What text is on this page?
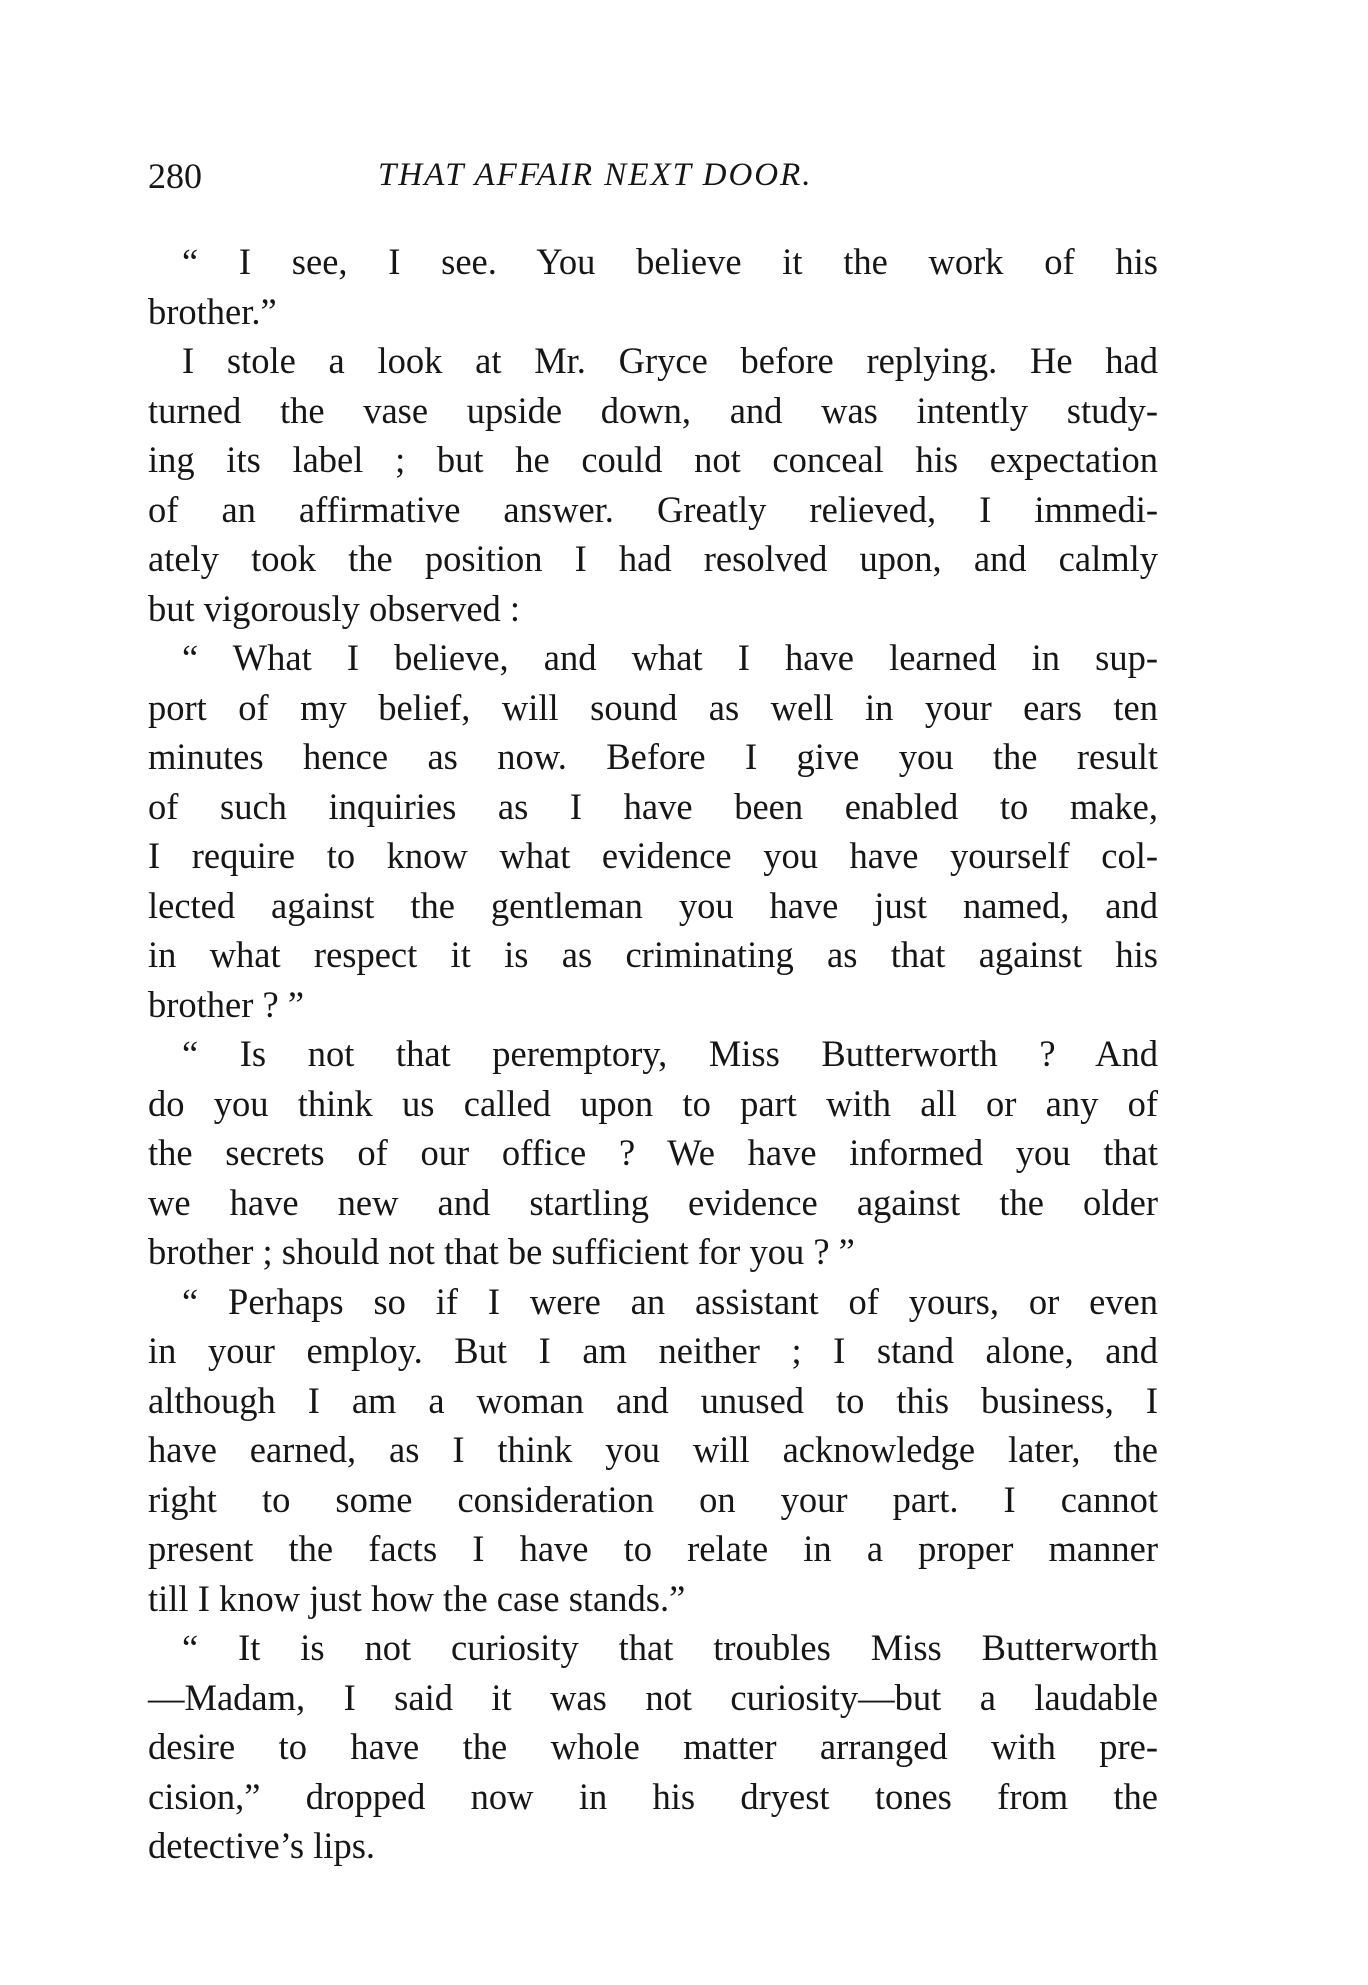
280	THAT AFFAIR NEXT DOOR.
“ I see, I see. You believe it the work of his
brother.”
I stole a look at Mr. Gryce before replying. He had
turned the vase upside down, and was intently study-
ing its label ; but he could not conceal his expectation
of an affirmative answer. Greatly relieved, I immedi-
ately took the position I had resolved upon, and calmly
but vigorously observed :
“ What I believe, and what I have learned in sup-
port of my belief, will sound as well in your ears ten
minutes hence as now. Before I give you the result
of such inquiries as I have been enabled to make,
I require to know what evidence you have yourself col-
lected against the gentleman you have just named, and
in what respect it is as criminating as that against his
brother ? ”
“ Is not that peremptory, Miss Butterworth ? And
do you think us called upon to part with all or any of
the secrets of our office ? We have informed you that
we have new and startling evidence against the older
brother ; should not that be sufficient for you ? ”
“ Perhaps so if I were an assistant of yours, or even
in your employ. But I am neither ; I stand alone, and
although I am a woman and unused to this business, I
have earned, as I think you will acknowledge later, the
right to some consideration on your part. I cannot
present the facts I have to relate in a proper manner
till I know just how the case stands.”
“ It is not curiosity that troubles Miss Butterworth
—Madam, I said it was not curiosity—but a laudable
desire to have the whole matter arranged with pre-
cision,” dropped now in his dryest tones from the
detective’s lips.
